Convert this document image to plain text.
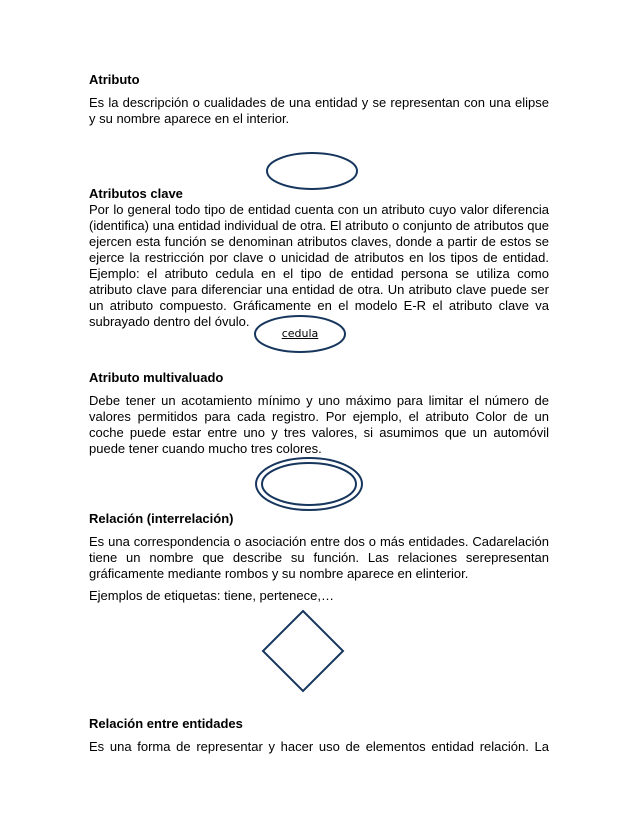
Atributo

Es la descripción o cualidades de una entidad y se representan con una elipse y su nombre aparece en el interior.

Atributos clave

Por lo general todo tipo de entidad cuenta con un atributo cuyo valor diferencia (identifica) una entidad individual de otra. El atributo o conjunto de atributos que ejercen esta función se denominan atributos claves, donde a partir de estos se ejerce la restricción por clave o unicidad de atributos en los tipos de entidad. Ejemplo: el atributo cedula en el tipo de entidad persona se utiliza como atributo clave para diferenciar una entidad de otra. Un atributo clave puede ser un atributo compuesto. Gráficamente en el modelo E-R el atributo clave va subrayado dentro del óvulo.

cedula
Atributo multivaluado

Debe tener un acotamiento mínimo y uno máximo para limitar el número de valores permitidos para cada registro. Por ejemplo, el atributo Color de un coche puede estar entre uno y tres valores, si asumimos que un automóvil puede tener cuando mucho tres colores.

Relación (interrelación)

Es una correspondencia o asociación entre dos o más entidades. Cadarelación tiene un nombre que describe su función. Las relaciones serepresentan gráficamente mediante rombos y su nombre aparece en elinterior.

Ejemplos de etiquetas: tiene, pertenece,…

Relación entre entidades

Es una forma de representar y hacer uso de elementos entidad relación. La
